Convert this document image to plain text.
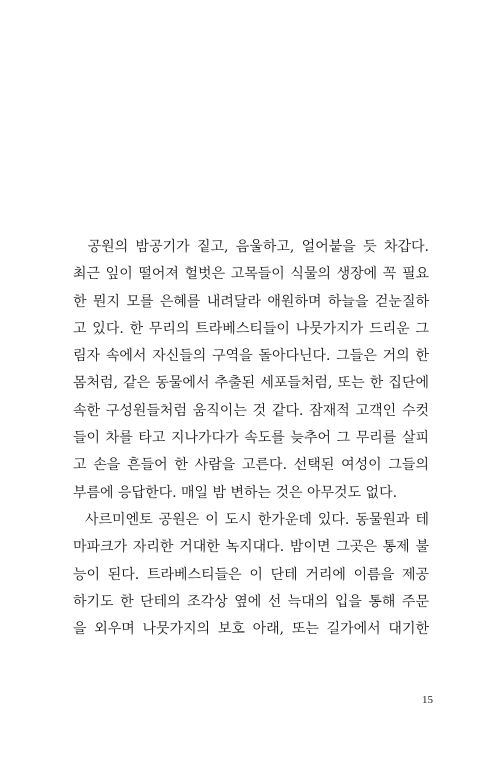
공원의 밤공기가 짙고, 음울하고, 얼어붙을 듯 차갑다.
최근 잎이 떨어져 헐벗은 고목들이 식물의 생장에 꼭 필요
한 뭔지 모를 은혜를 내려달라 애원하며 하늘을 걷눈질하
고 있다. 한 무리의 트라베스티들이 나뭇가지가 드리운 그
림자 속에서 자신들의 구역을 돌아다닌다. 그들은 거의 한
몸처럼, 같은 동물에서 추출된 세포들처럼, 또는 한 집단에
속한 구성원들처럼 움직이는 것 같다. 잠재적 고객인 수컷
들이 차를 타고 지나가다가 속도를 늦추어 그 무리를 살피
고 손을 흔들어 한 사람을 고른다. 선택된 여성이 그들의
부름에 응답한다. 매일 밤 변하는 것은 아무것도 없다.
사르미엔토 공원은 이 도시 한가운데 있다. 동물원과 테
마파크가 자리한 거대한 녹지대다. 밤이면 그곳은 통제 불
능이 된다. 트라베스티들은 이 단테 거리에 이름을 제공
하기도 한 단테의 조각상 옆에 선 늑대의 입을 통해 주문
을 외우며 나뭇가지의 보호 아래, 또는 길가에서 대기한
15
